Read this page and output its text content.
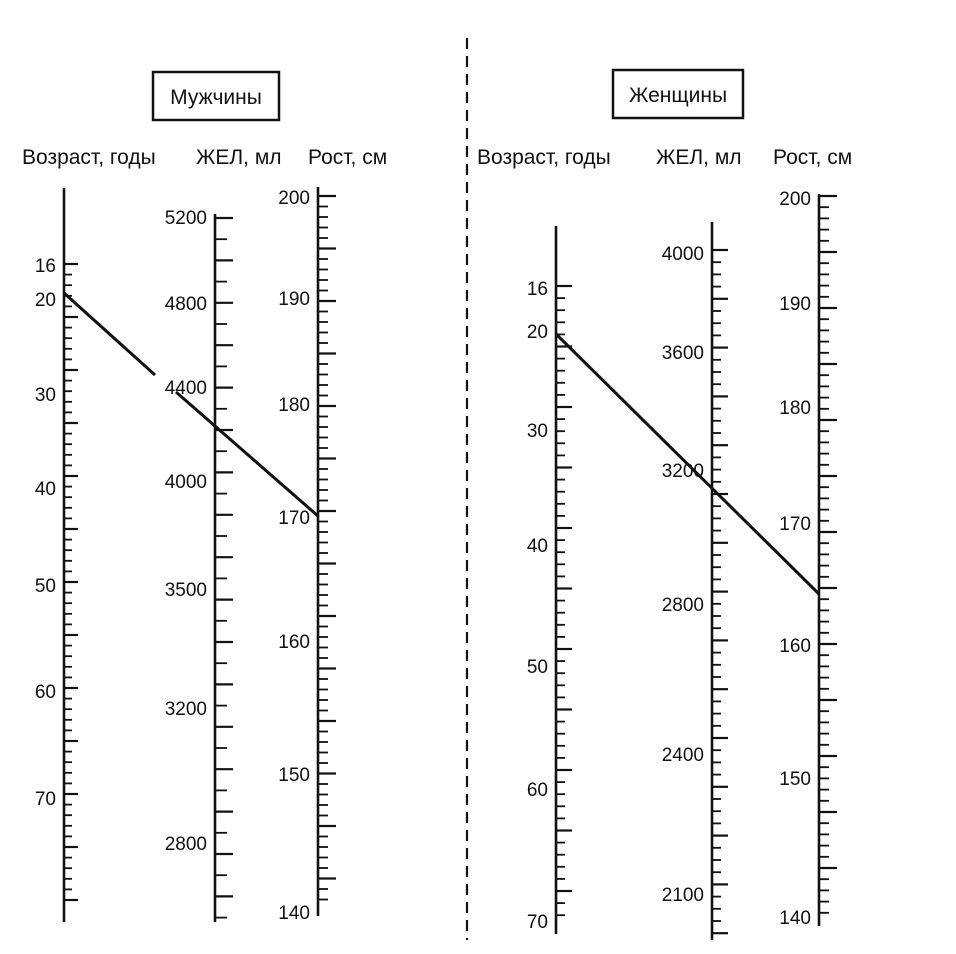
Мужчины
Возраст, годы ЖЕЛ, мл Рост, см
16
20
30
40
50
60
70
5200
4800
4400
4000
3500
3200
2800
200
190
180
170
160
150
140
Женщины
Возраст, годы ЖЕЛ, мл Рост, см
16
20
30
40
50
60
70
4000
3600
3200
2800
2400
2100
200
190
180
170
160
150
140
